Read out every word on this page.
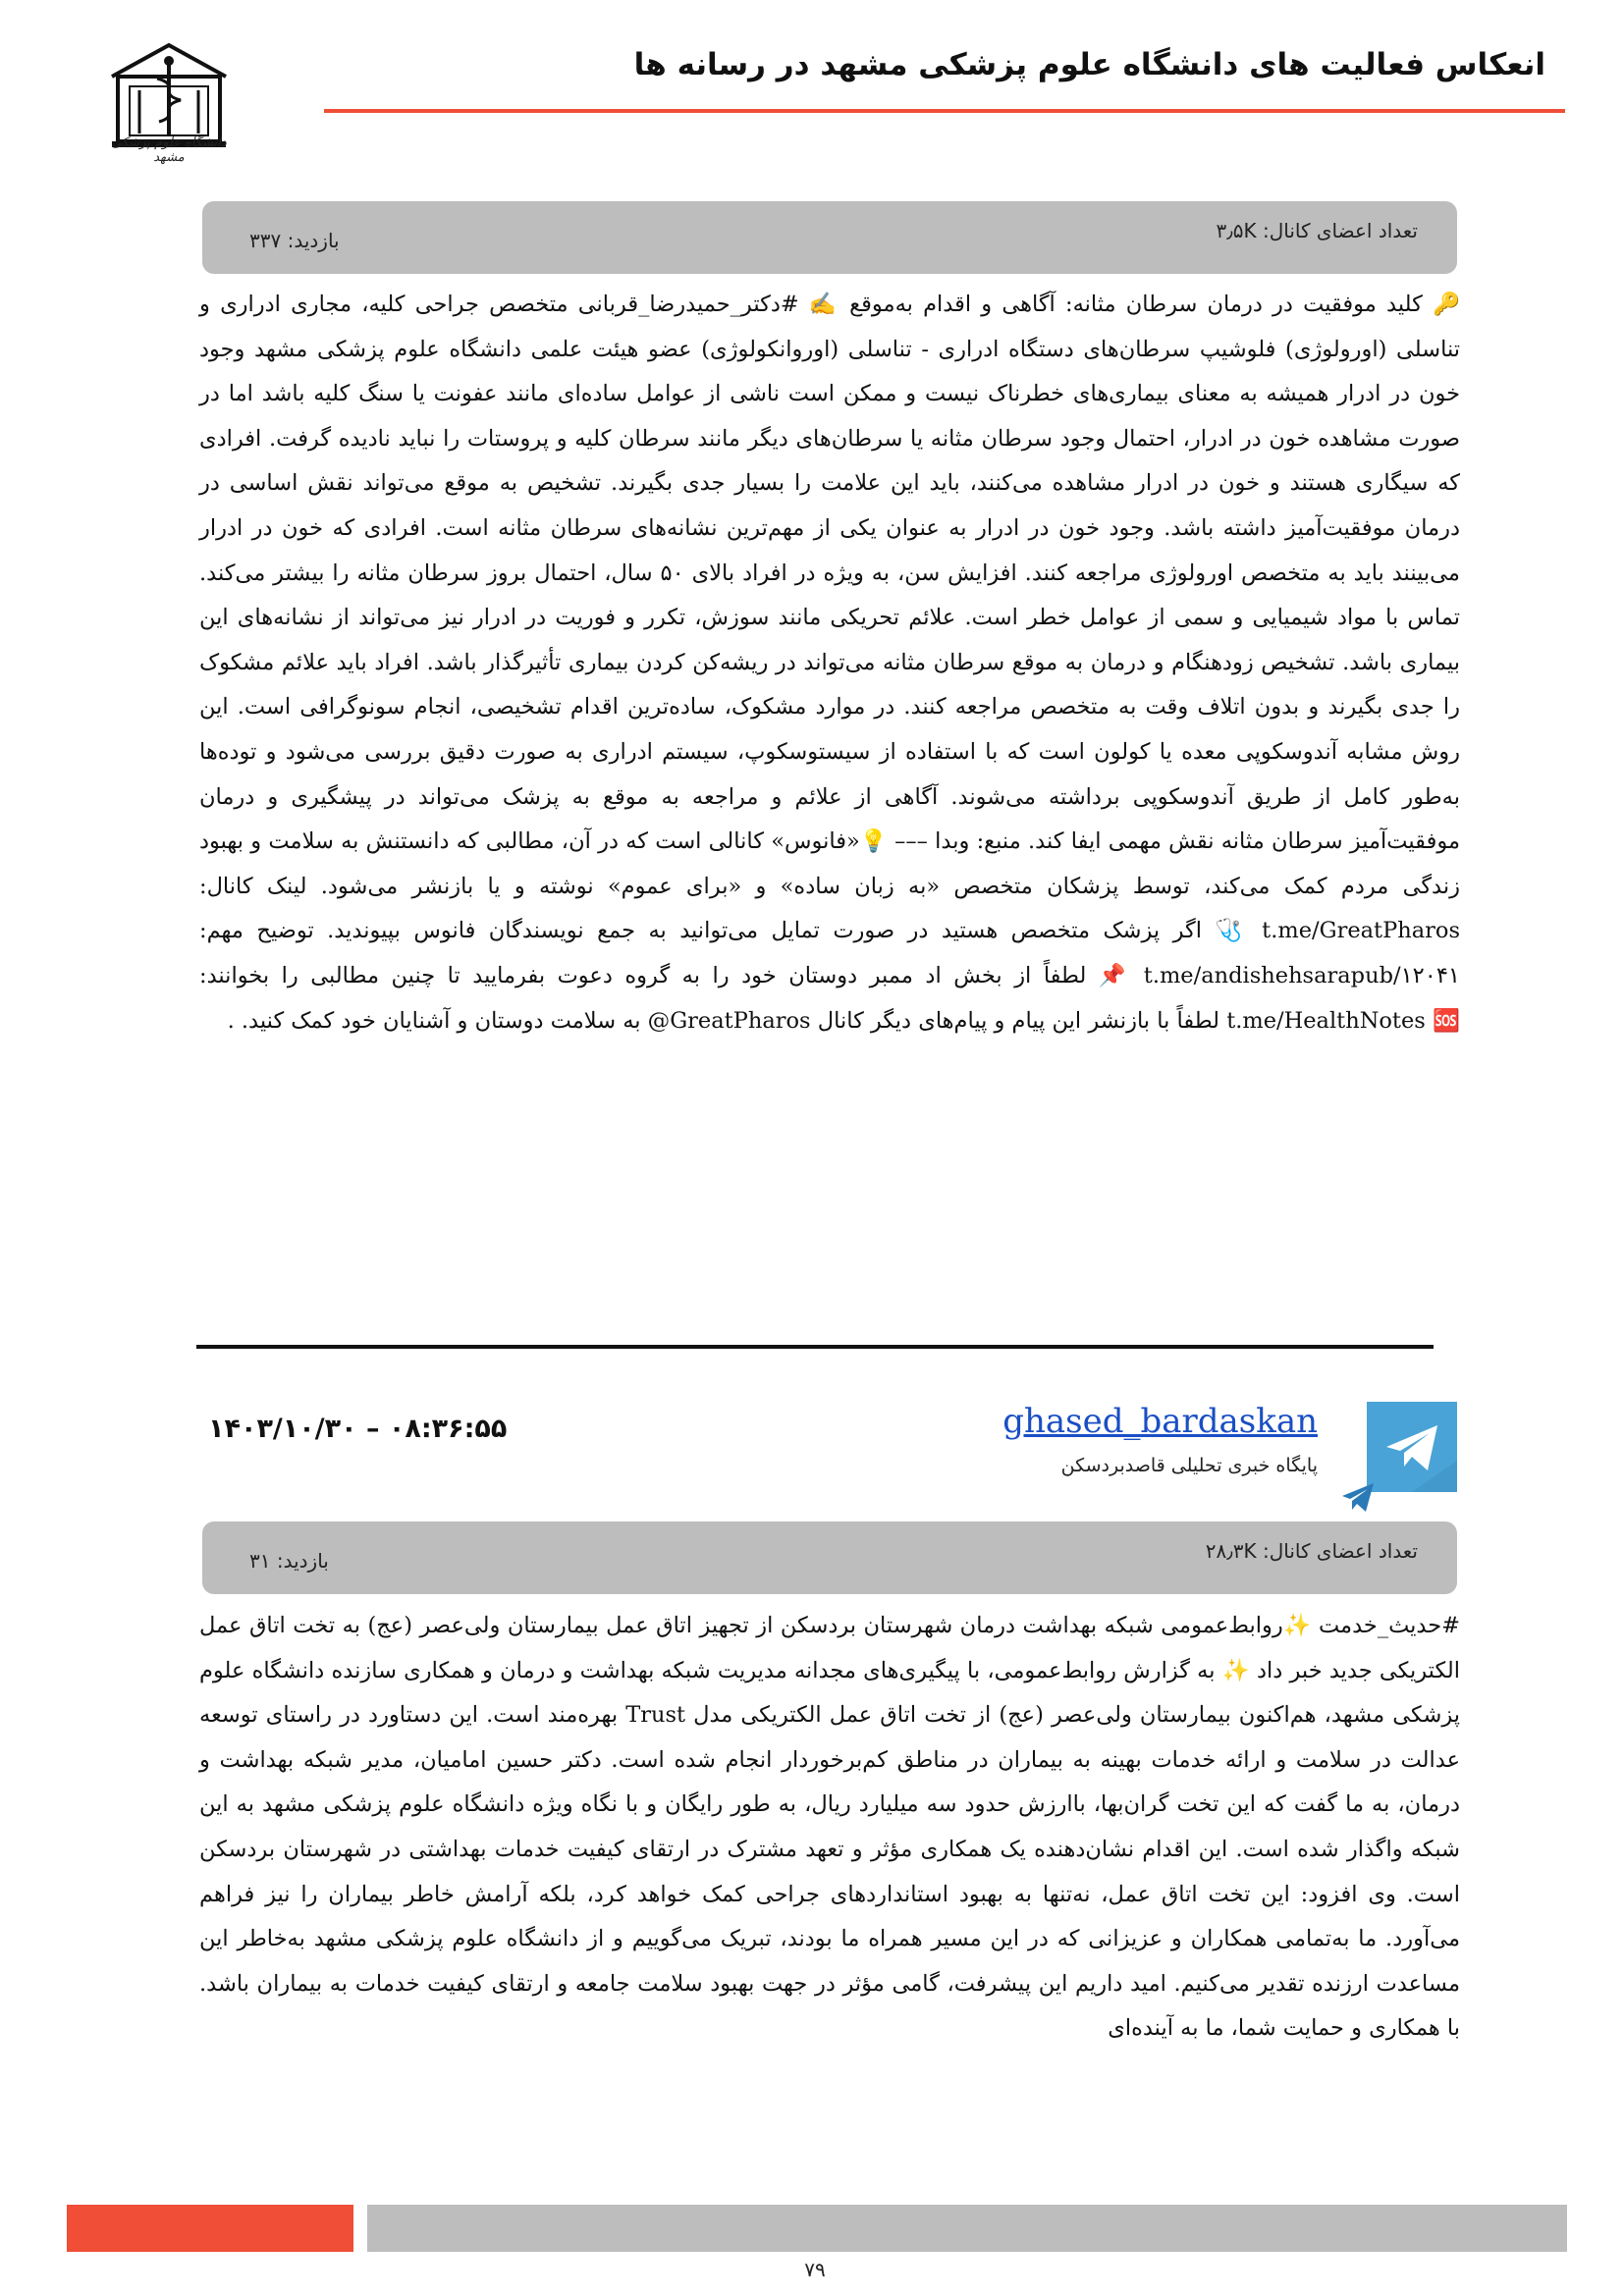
انعکاس فعالیت های دانشگاه علوم پزشکی مشهد در رسانه ها
دانشگاه علوم پزشکی مشهد
تعداد اعضای کانال: ۳٫۵K
بازدید: ۳۳۷
🔑 کلید موفقیت در درمان سرطان مثانه: آگاهی و اقدام به‌موقع ✍️ #دکتر_حمیدرضا_قربانی متخصص جراحی کلیه، مجاری ادراری و تناسلی (اورولوژی) فلوشیپ سرطان‌های دستگاه ادراری - تناسلی (اورو‌انکولوژی) عضو هیئت علمی دانشگاه علوم پزشکی مشهد وجود خون در ادرار همیشه به معنای بیماری‌های خطرناک نیست و ممکن است ناشی از عوامل ساده‌ای مانند عفونت یا سنگ کلیه باشد اما در صورت مشاهده خون در ادرار، احتمال وجود سرطان مثانه یا سرطان‌های دیگر مانند سرطان کلیه و پروستات را نباید نادیده گرفت. افرادی که سیگاری هستند و خون در ادرار مشاهده می‌کنند، باید این علامت را بسیار جدی بگیرند. تشخیص به موقع می‌تواند نقش اساسی در درمان موفقیت‌آمیز داشته باشد. وجود خون در ادرار به عنوان یکی از مهم‌ترین نشانه‌های سرطان مثانه است. افرادی که خون در ادرار می‌بینند باید به متخصص اورولوژی مراجعه کنند. افزایش سن، به ویژه در افراد بالای ۵۰ سال، احتمال بروز سرطان مثانه را بیشتر می‌کند. تماس با مواد شیمیایی و سمی از عوامل خطر است. علائم تحریکی مانند سوزش، تکرر و فوریت در ادرار نیز می‌تواند از نشانه‌های این بیماری باشد. تشخیص زودهنگام و درمان به موقع سرطان مثانه می‌تواند در ریشه‌کن کردن بیماری تأثیرگذار باشد. افراد باید علائم مشکوک را جدی بگیرند و بدون اتلاف وقت به متخصص مراجعه کنند. در موارد مشکوک، ساده‌ترین اقدام تشخیصی، انجام سونوگرافی است. این روش مشابه آندوسکوپی معده یا کولون است که با استفاده از سیستوسکوپ، سیستم ادراری به صورت دقیق بررسی می‌شود و توده‌ها به‌طور کامل از طریق آندوسکوپی برداشته می‌شوند. آگاهی از علائم و مراجعه به موقع به پزشک می‌تواند در پیشگیری و درمان موفقیت‌آمیز سرطان مثانه نقش مهمی ایفا کند. منبع: وبدا ––– 💡«فانوس» کانالی است که در آن، مطالبی که دانستنش به سلامت و بهبود زندگی مردم کمک می‌کند، توسط پزشکان متخصص «به زبان ساده» و «برای عموم» نوشته و یا بازنشر می‌شود. لینک کانال: t.me/GreatPharos 🩺 اگر پزشک متخصص هستید در صورت تمایل می‌توانید به جمع نویسندگان فانوس بپیوندید. توضیح مهم: t.me/andishehsarapub/۱۲۰۴۱ 📌 لطفاً از بخش اد ممبر دوستان خود را به گروه دعوت بفرمایید تا چنین مطالبی را بخوانند: t.me/HealthNotes 🆘 لطفاً با بازنشر این پیام و پیام‌های دیگر کانال GreatPharos@ به سلامت دوستان و آشنایان خود کمک کنید. .
۱۴۰۳/۱۰/۳۰ – ۰۸:۳۶:۵۵	ghased_bardaskan
پایگاه خبری تحلیلی قاصدبردسکن
تعداد اعضای کانال: ۲۸٫۳K
بازدید: ۳۱
#حدیث_خدمت ✨روابط‌عمومی شبکه بهداشت درمان شهرستان بردسکن از تجهیز اتاق عمل بیمارستان ولی‌عصر (عج) به تخت اتاق عمل الکتریکی جدید خبر داد ✨ به گزارش روابط‌عمومی، با پیگیری‌های مجدانه مدیریت شبکه بهداشت و درمان و همکاری سازنده دانشگاه علوم پزشکی مشهد، هم‌اکنون بیمارستان ولی‌عصر (عج) از تخت اتاق عمل الکتریکی مدل Trust بهره‌مند است. این دستاورد در راستای توسعه عدالت در سلامت و ارائه خدمات بهینه به بیماران در مناطق کم‌برخوردار انجام شده است. دکتر حسین امامیان، مدیر شبکه بهداشت و درمان، به ما گفت که این تخت گران‌بها، باارزش حدود سه میلیارد ریال، به طور رایگان و با نگاه ویژه دانشگاه علوم پزشکی مشهد به این شبکه واگذار شده است. این اقدام نشان‌دهنده یک همکاری مؤثر و تعهد مشترک در ارتقای کیفیت خدمات بهداشتی در شهرستان بردسکن است. وی افزود: این تخت اتاق عمل، نه‌تنها به بهبود استانداردهای جراحی کمک خواهد کرد، بلکه آرامش خاطر بیماران را نیز فراهم می‌آورد. ما به‌تمامی همکاران و عزیزانی که در این مسیر همراه ما بودند، تبریک می‌گوییم و از دانشگاه علوم پزشکی مشهد به‌خاطر این مساعدت ارزنده تقدیر می‌کنیم. امید داریم این پیشرفت، گامی مؤثر در جهت بهبود سلامت جامعه و ارتقای کیفیت خدمات به بیماران باشد. با همکاری و حمایت شما، ما به آینده‌ای
۷۹
